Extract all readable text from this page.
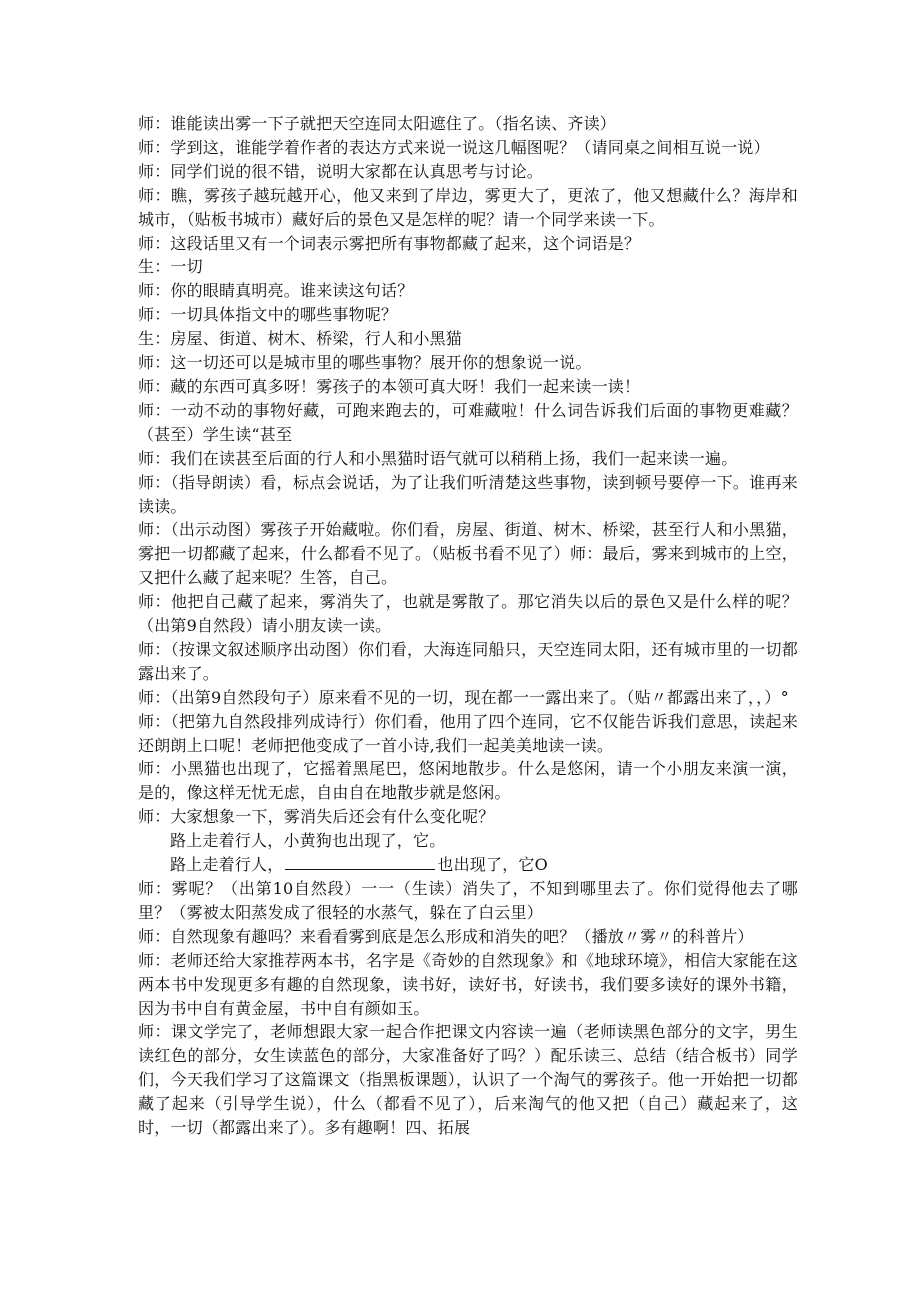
师：谁能读出雾一下子就把天空连同太阳遮住了。（指名读、齐读）

师：学到这，谁能学着作者的表达方式来说一说这几幅图呢？（请同桌之间相互说一说）

师：同学们说的很不错，说明大家都在认真思考与讨论。

师：瞧，雾孩子越玩越开心，他又来到了岸边，雾更大了，更浓了，他又想藏什么？海岸和城市，（贴板书城市）藏好后的景色又是怎样的呢？请一个同学来读一下。

师：这段话里又有一个词表示雾把所有事物都藏了起来，这个词语是？

生：一切

师：你的眼睛真明亮。谁来读这句话？

师：一切具体指文中的哪些事物呢？

生：房屋、街道、树木、桥梁，行人和小黑猫

师：这一切还可以是城市里的哪些事物？展开你的想象说一说。

师：藏的东西可真多呀！雾孩子的本领可真大呀！我们一起来读一读！

师：一动不动的事物好藏，可跑来跑去的，可难藏啦！什么词告诉我们后面的事物更难藏？（甚至）学生读“甚至

师：我们在读甚至后面的行人和小黑猫时语气就可以稍稍上扬，我们一起来读一遍。

师：（指导朗读）看，标点会说话，为了让我们听清楚这些事物，读到顿号要停一下。谁再来读读。

师：（出示动图）雾孩子开始藏啦。你们看，房屋、街道、树木、桥梁，甚至行人和小黑猫，雾把一切都藏了起来，什么都看不见了。（贴板书看不见了）师：最后，雾来到城市的上空，又把什么藏了起来呢？生答，自己。

师：他把自己藏了起来，雾消失了，也就是雾散了。那它消失以后的景色又是什么样的呢？（出第9自然段）请小朋友读一读。

师：（按课文叙述顺序出动图）你们看，大海连同船只，天空连同太阳，还有城市里的一切都露出来了。

师：（出第9自然段句子）原来看不见的一切，现在都一一露出来了。（贴〃都露出来了，，）°

师：（把第九自然段排列成诗行）你们看，他用了四个连同，它不仅能告诉我们意思，读起来还朗朗上口呢！老师把他变成了一首小诗,我们一起美美地读一读。

师：小黑猫也出现了，它摇着黑尾巴，悠闲地散步。什么是悠闲，请一个小朋友来演一演，是的，像这样无忧无虑，自由自在地散步就是悠闲。

师：大家想象一下，雾消失后还会有什么变化呢？

路上走着行人，小黄狗也出现了，它。

路上走着行人，	也出现了，它O

师：雾呢？（出第10自然段）一一（生读）消失了，不知到哪里去了。你们觉得他去了哪里？（雾被太阳蒸发成了很轻的水蒸气，躲在了白云里）

师：自然现象有趣吗？来看看雾到底是怎么形成和消失的吧？（播放〃雾〃的科普片）

师：老师还给大家推荐两本书，名字是《奇妙的自然现象》和《地球环境》，相信大家能在这两本书中发现更多有趣的自然现象，读书好，读好书，好读书，我们要多读好的课外书籍，因为书中自有黄金屋，书中自有颜如玉。

师：课文学完了，老师想跟大家一起合作把课文内容读一遍（老师读黑色部分的文字，男生读红色的部分，女生读蓝色的部分，大家准备好了吗？）配乐读三、总结（结合板书）同学们，今天我们学习了这篇课文（指黑板课题），认识了一个淘气的雾孩子。他一开始把一切都藏了起来（引导学生说），什么（都看不见了），后来淘气的他又把（自己）藏起来了，这时，一切（都露出来了）。多有趣啊！四、拓展
